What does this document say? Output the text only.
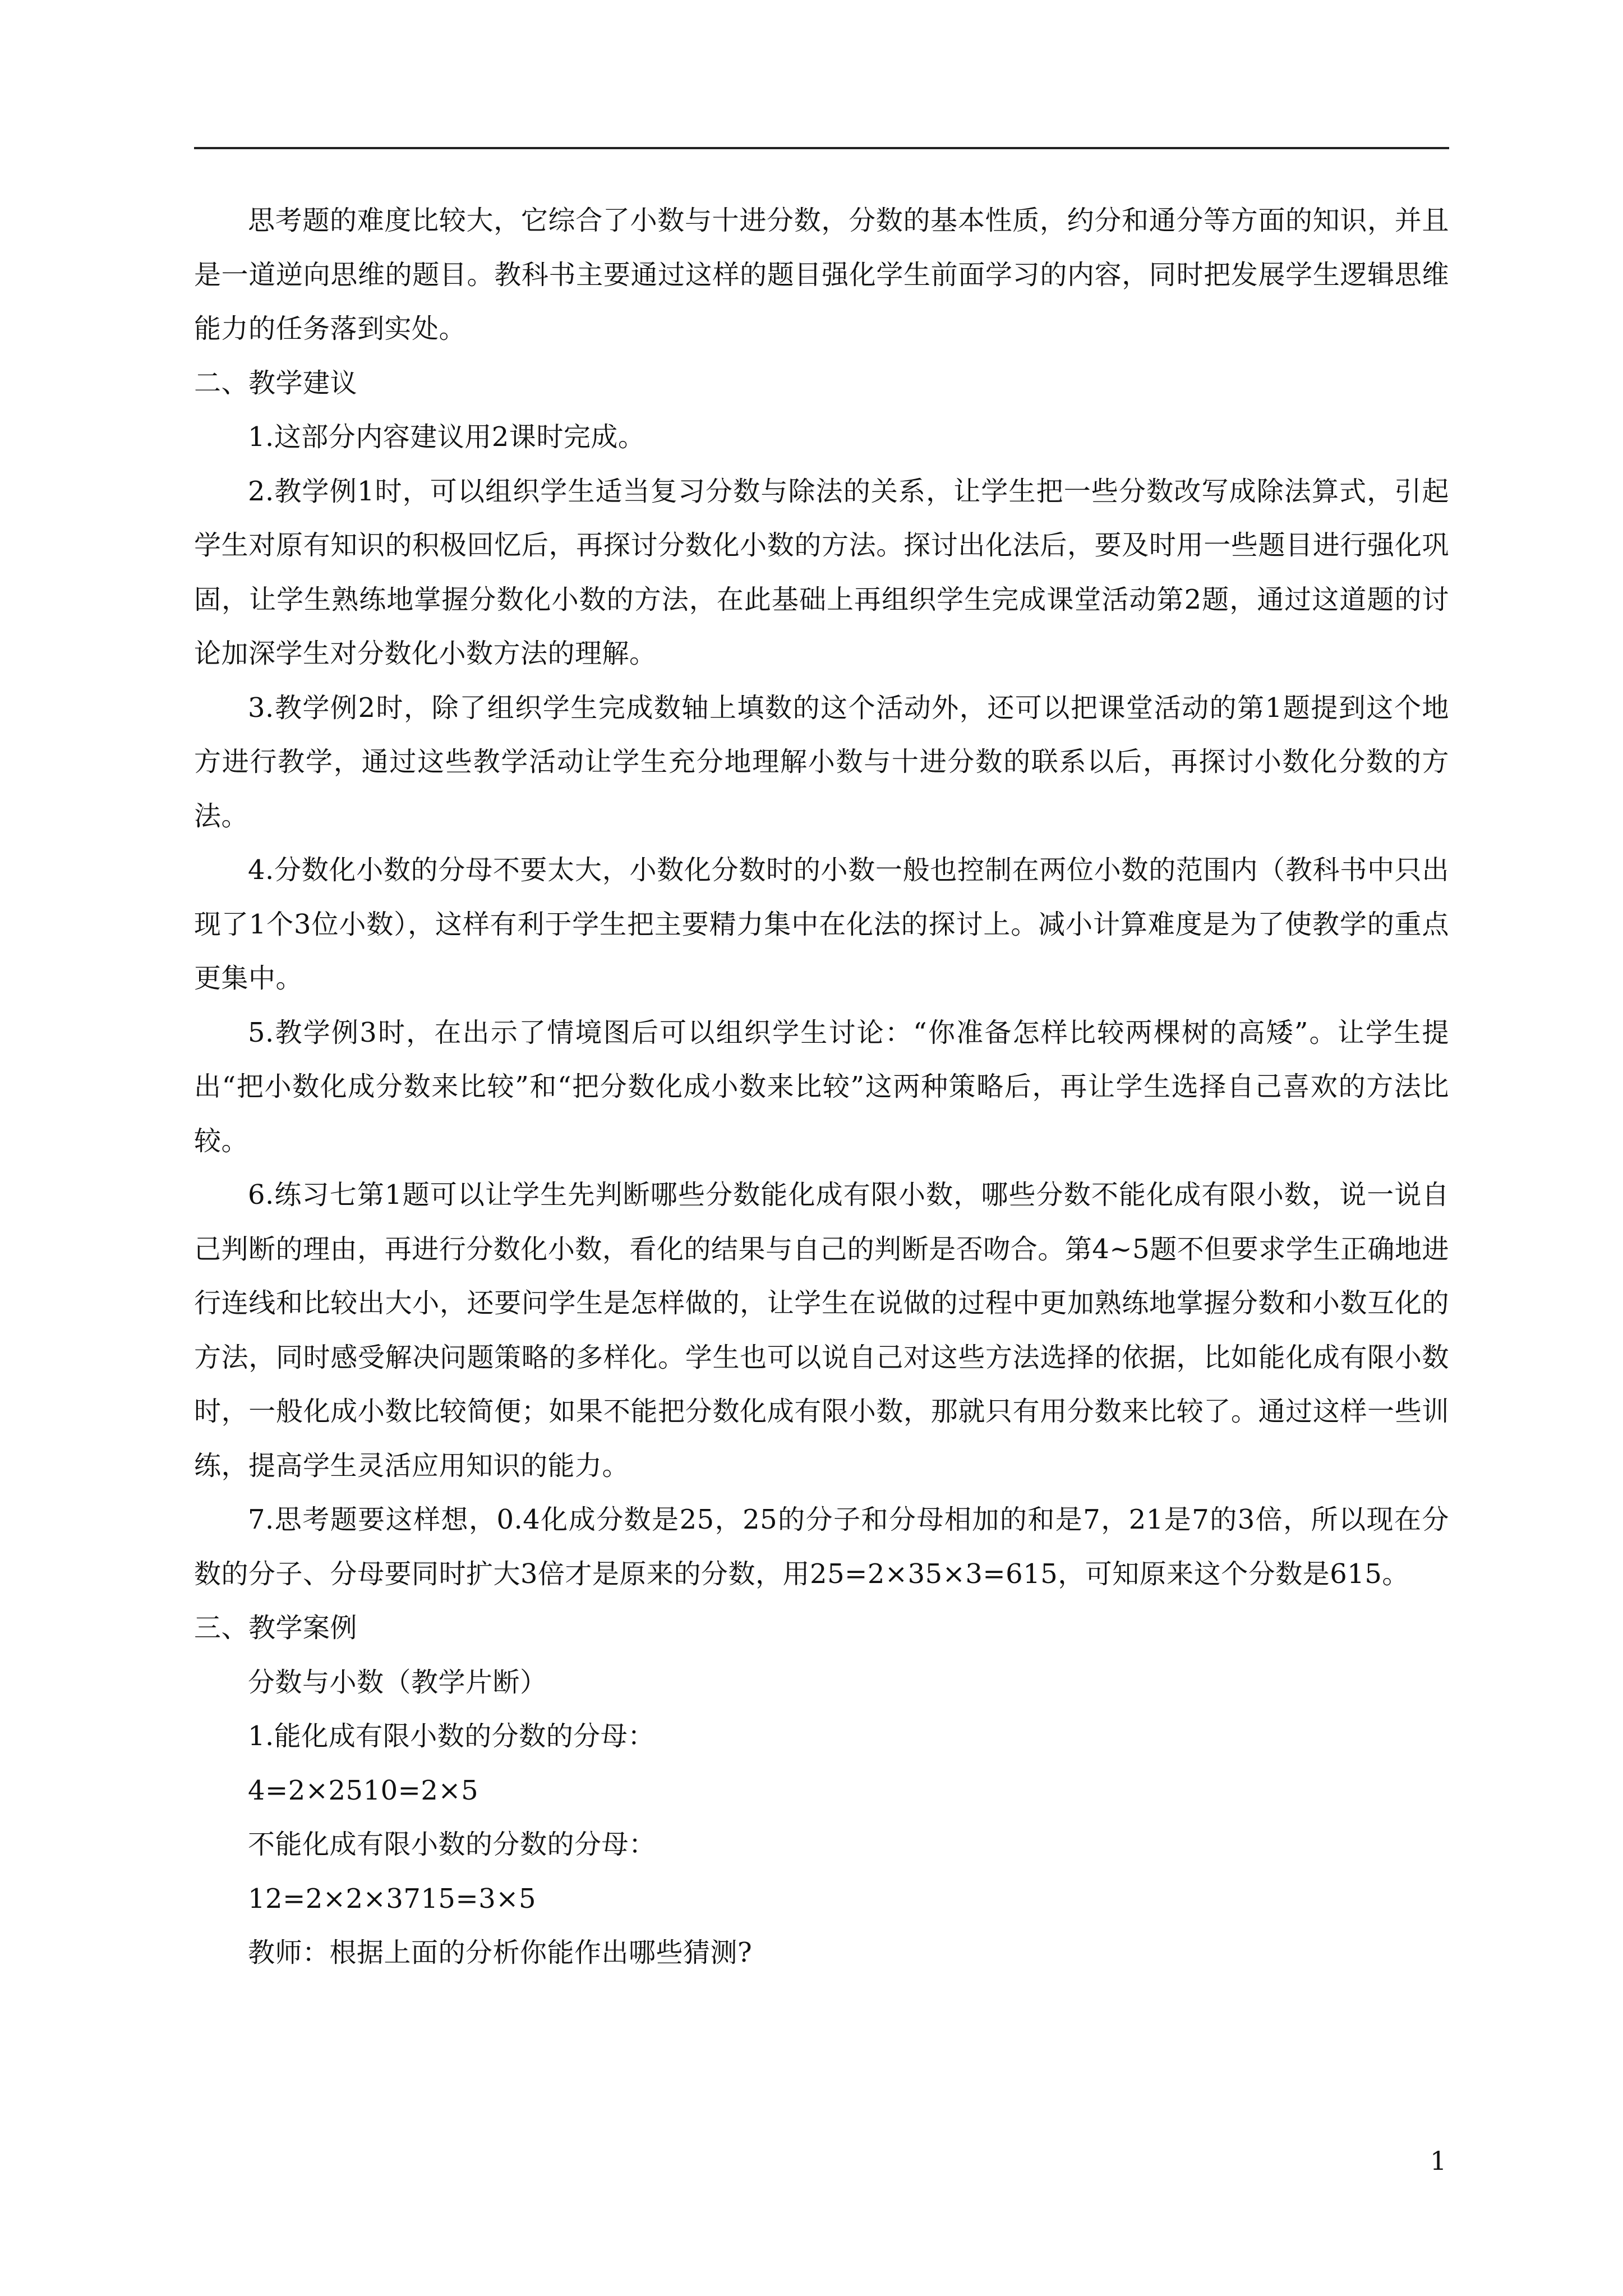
思考题的难度比较大，它综合了小数与十进分数，分数的基本性质，约分和通分等方面的知识，并且是一道逆向思维的题目。教科书主要通过这样的题目强化学生前面学习的内容，同时把发展学生逻辑思维能力的任务落到实处。

二、教学建议

1.这部分内容建议用2课时完成。

2.教学例1时，可以组织学生适当复习分数与除法的关系，让学生把一些分数改写成除法算式，引起学生对原有知识的积极回忆后，再探讨分数化小数的方法。探讨出化法后，要及时用一些题目进行强化巩固，让学生熟练地掌握分数化小数的方法，在此基础上再组织学生完成课堂活动第2题，通过这道题的讨论加深学生对分数化小数方法的理解。

3.教学例2时，除了组织学生完成数轴上填数的这个活动外，还可以把课堂活动的第1题提到这个地方进行教学，通过这些教学活动让学生充分地理解小数与十进分数的联系以后，再探讨小数化分数的方法。

4.分数化小数的分母不要太大，小数化分数时的小数一般也控制在两位小数的范围内（教科书中只出现了1个3位小数），这样有利于学生把主要精力集中在化法的探讨上。减小计算难度是为了使教学的重点更集中。

5.教学例3时，在出示了情境图后可以组织学生讨论：“你准备怎样比较两棵树的高矮”。让学生提出“把小数化成分数来比较”和“把分数化成小数来比较”这两种策略后，再让学生选择自己喜欢的方法比较。

6.练习七第1题可以让学生先判断哪些分数能化成有限小数，哪些分数不能化成有限小数，说一说自己判断的理由，再进行分数化小数，看化的结果与自己的判断是否吻合。第4~5题不但要求学生正确地进行连线和比较出大小，还要问学生是怎样做的，让学生在说做的过程中更加熟练地掌握分数和小数互化的方法，同时感受解决问题策略的多样化。学生也可以说自己对这些方法选择的依据，比如能化成有限小数时，一般化成小数比较简便；如果不能把分数化成有限小数，那就只有用分数来比较了。通过这样一些训练，提高学生灵活应用知识的能力。

7.思考题要这样想，0.4化成分数是25，25的分子和分母相加的和是7，21是7的3倍，所以现在分数的分子、分母要同时扩大3倍才是原来的分数，用25=2×35×3=615，可知原来这个分数是615。

三、教学案例

分数与小数（教学片断）

1.能化成有限小数的分数的分母：

4=2×2510=2×5

不能化成有限小数的分数的分母：

12=2×2×3715=3×5

教师：根据上面的分析你能作出哪些猜测?

1
